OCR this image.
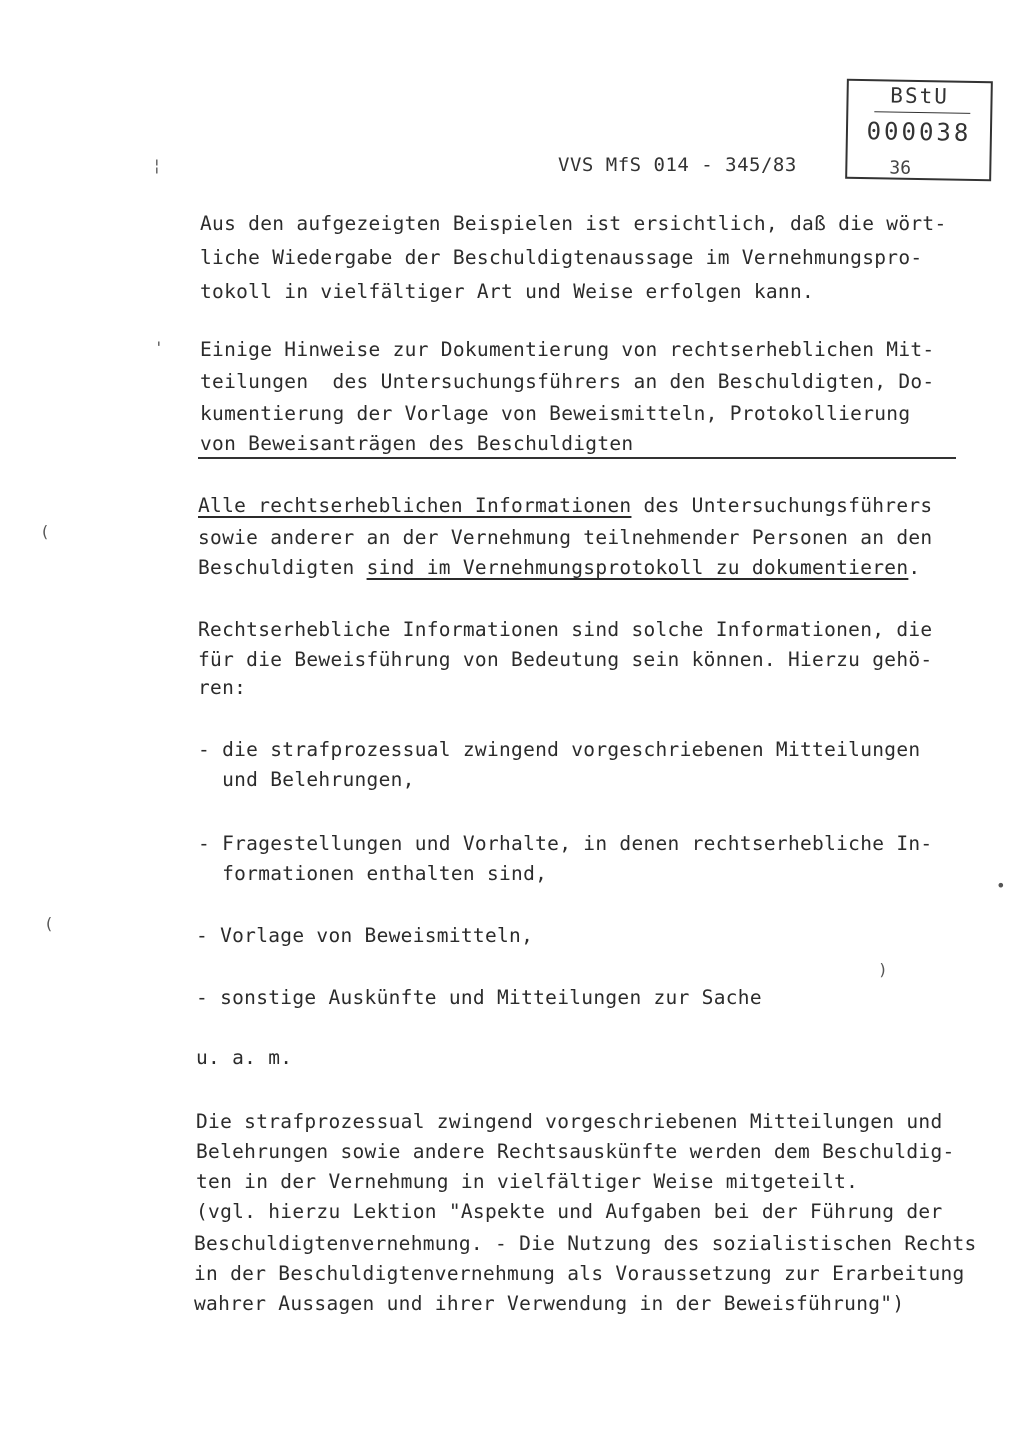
BStU
000038
36
VVS MfS 014 - 345/83
Aus den aufgezeigten Beispielen ist ersichtlich, daß die wört-
liche Wiedergabe der Beschuldigtenaussage im Vernehmungspro-
tokoll in vielfältiger Art und Weise erfolgen kann.
Einige Hinweise zur Dokumentierung von rechtserheblichen Mit-
teilungen  des Untersuchungsführers an den Beschuldigten, Do-
kumentierung der Vorlage von Beweismitteln, Protokollierung
von Beweisanträgen des Beschuldigten
Alle rechtserheblichen Informationen des Untersuchungsführers
sowie anderer an der Vernehmung teilnehmender Personen an den
Beschuldigten sind im Vernehmungsprotokoll zu dokumentieren.
Rechtserhebliche Informationen sind solche Informationen, die
für die Beweisführung von Bedeutung sein können. Hierzu gehö-
ren:
- die strafprozessual zwingend vorgeschriebenen Mitteilungen
und Belehrungen,
- Fragestellungen und Vorhalte, in denen rechtserhebliche In-
formationen enthalten sind,
- Vorlage von Beweismitteln,
- sonstige Auskünfte und Mitteilungen zur Sache
u. a. m.
Die strafprozessual zwingend vorgeschriebenen Mitteilungen und
Belehrungen sowie andere Rechtsauskünfte werden dem Beschuldig-
ten in der Vernehmung in vielfältiger Weise mitgeteilt.
(vgl. hierzu Lektion "Aspekte und Aufgaben bei der Führung der
Beschuldigtenvernehmung. - Die Nutzung des sozialistischen Rechts
in der Beschuldigtenvernehmung als Voraussetzung zur Erarbeitung
wahrer Aussagen und ihrer Verwendung in der Beweisführung")
¦
'
(
(
)
•
